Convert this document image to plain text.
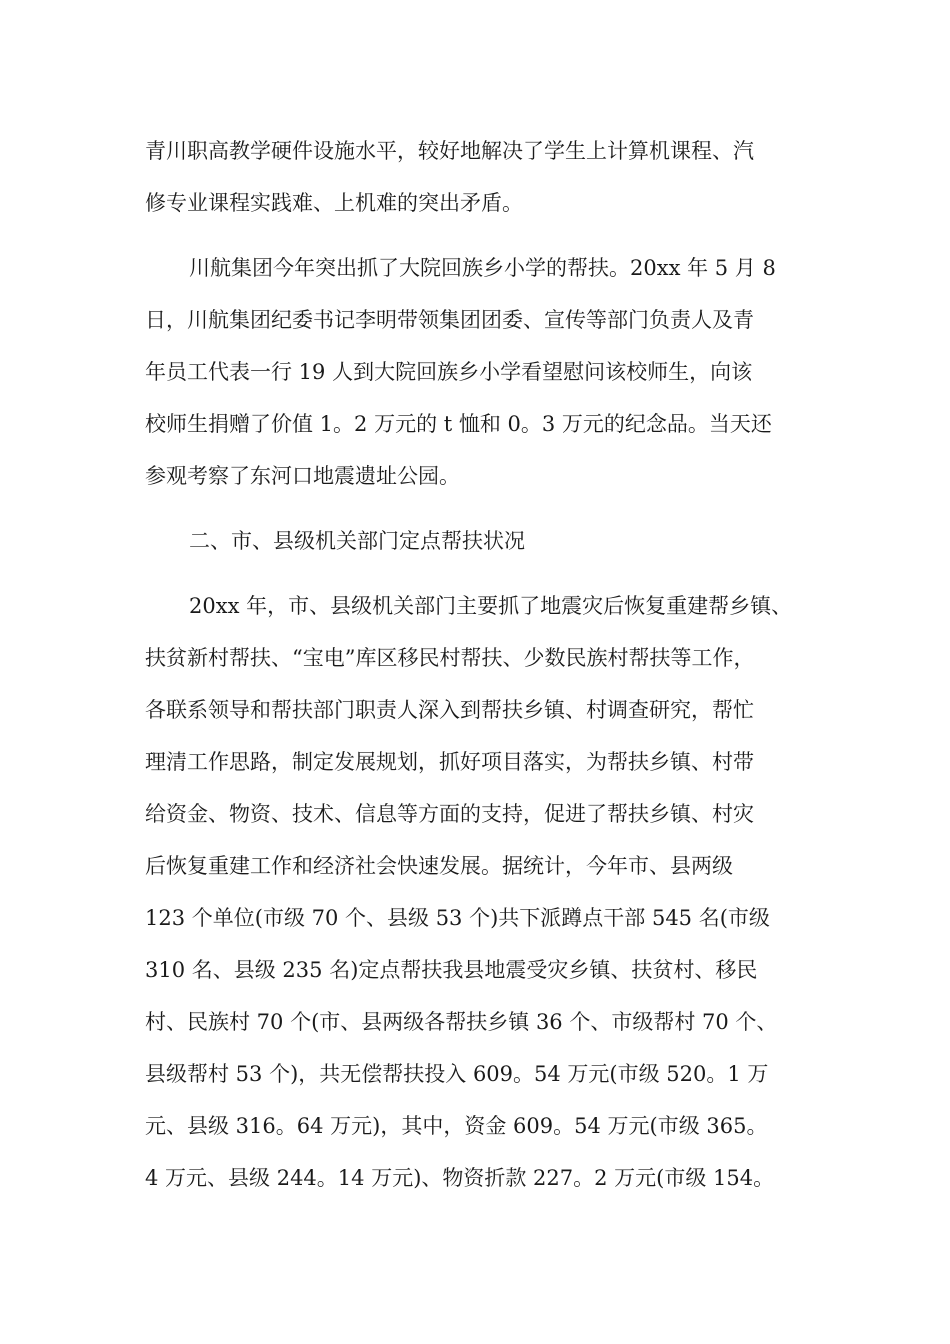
青川职高教学硬件设施水平，较好地解决了学生上计算机课程、汽
修专业课程实践难、上机难的突出矛盾。
川航集团今年突出抓了大院回族乡小学的帮扶。20xx 年 5 月 8
日，川航集团纪委书记李明带领集团团委、宣传等部门负责人及青
年员工代表一行 19 人到大院回族乡小学看望慰问该校师生，向该
校师生捐赠了价值 1。2 万元的 t 恤和 0。3 万元的纪念品。当天还
参观考察了东河口地震遗址公园。
二、市、县级机关部门定点帮扶状况
20xx 年，市、县级机关部门主要抓了地震灾后恢复重建帮乡镇、
扶贫新村帮扶、“宝电”库区移民村帮扶、少数民族村帮扶等工作，
各联系领导和帮扶部门职责人深入到帮扶乡镇、村调查研究，帮忙
理清工作思路，制定发展规划，抓好项目落实，为帮扶乡镇、村带
给资金、物资、技术、信息等方面的支持，促进了帮扶乡镇、村灾
后恢复重建工作和经济社会快速发展。据统计，今年市、县两级
123 个单位(市级 70 个、县级 53 个)共下派蹲点干部 545 名(市级
310 名、县级 235 名)定点帮扶我县地震受灾乡镇、扶贫村、移民
村、民族村 70 个(市、县两级各帮扶乡镇 36 个、市级帮村 70 个、
县级帮村 53 个)，共无偿帮扶投入 609。54 万元(市级 520。1 万
元、县级 316。64 万元)，其中，资金 609。54 万元(市级 365。
4 万元、县级 244。14 万元)、物资折款 227。2 万元(市级 154。
